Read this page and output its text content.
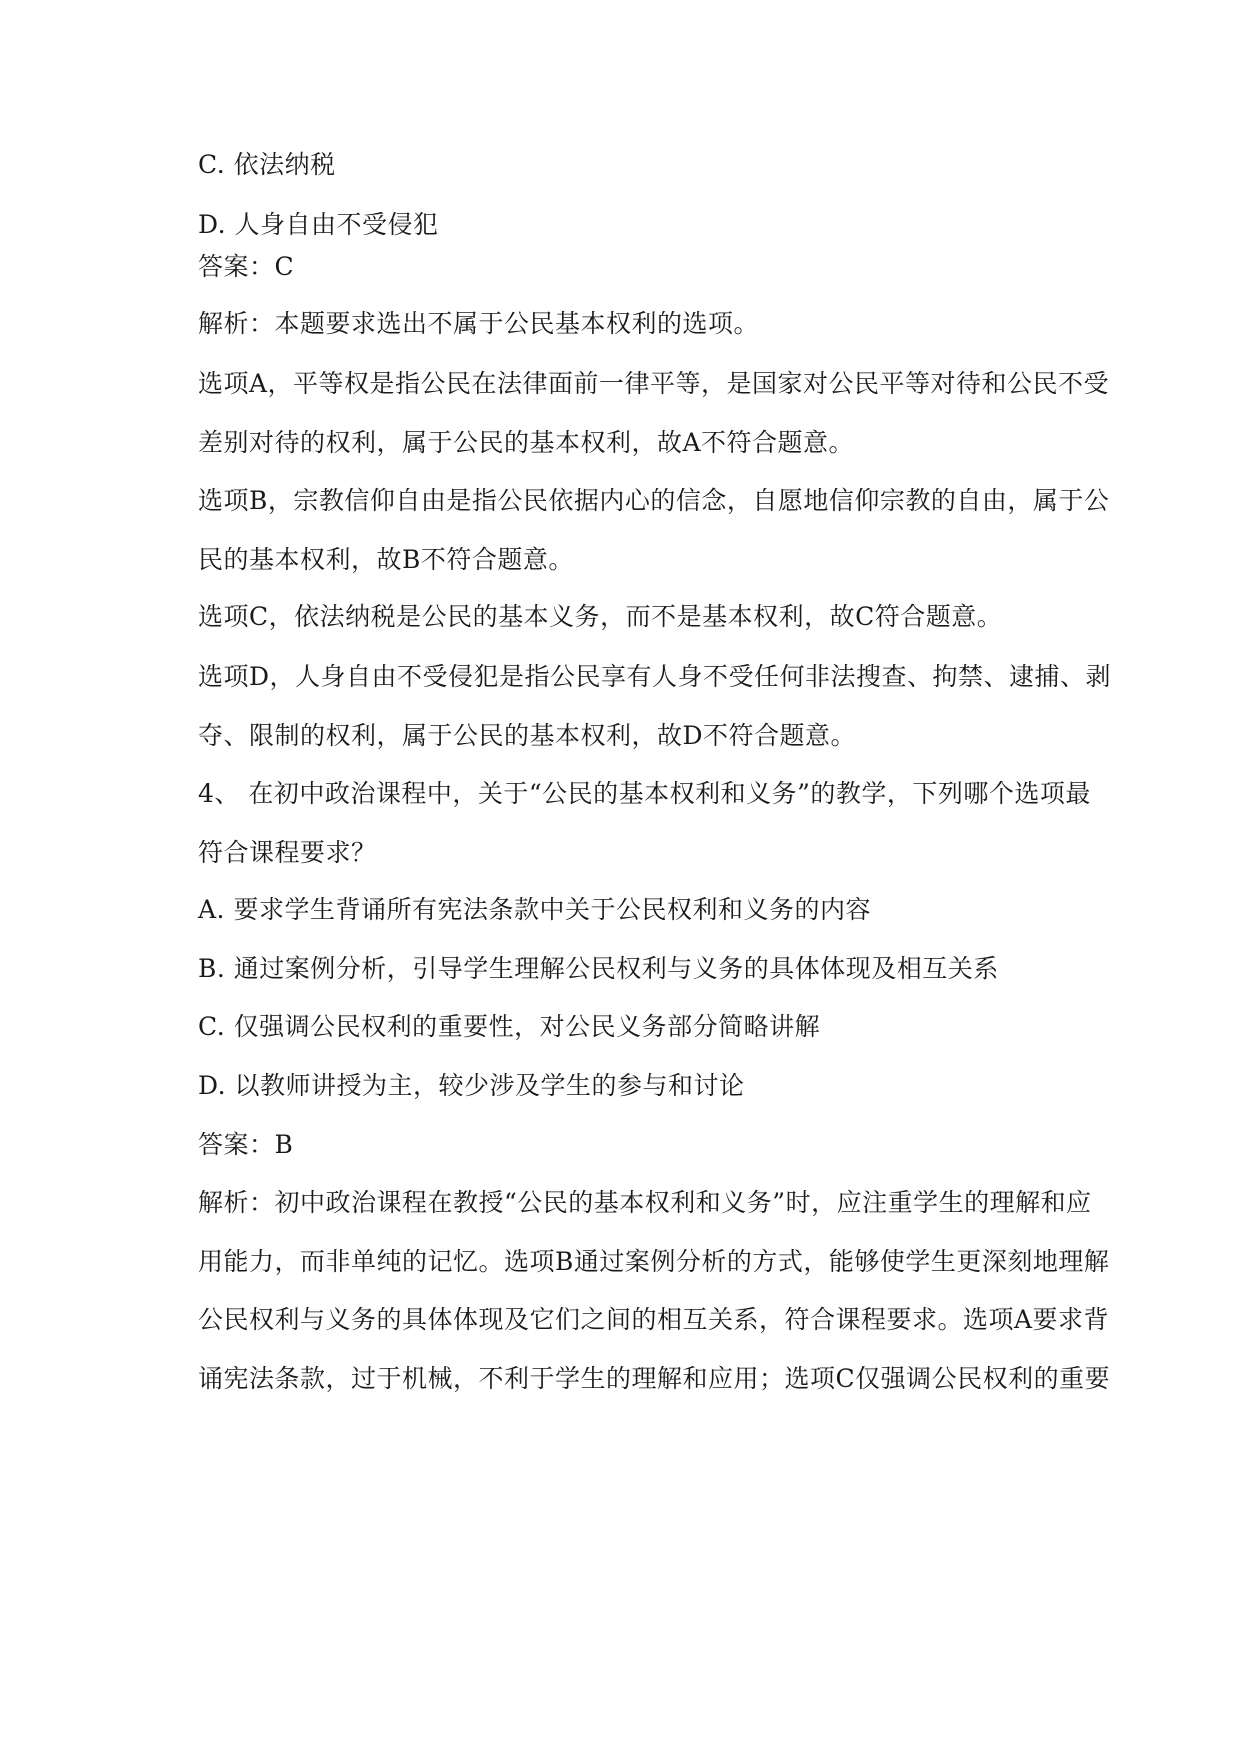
C. 依法纳税
D. 人身自由不受侵犯
答案：C
解析：本题要求选出不属于公民基本权利的选项。
选项A，平等权是指公民在法律面前一律平等，是国家对公民平等对待和公民不受
差别对待的权利，属于公民的基本权利，故A不符合题意。
选项B，宗教信仰自由是指公民依据内心的信念，自愿地信仰宗教的自由，属于公
民的基本权利，故B不符合题意。
选项C，依法纳税是公民的基本义务，而不是基本权利，故C符合题意。
选项D，人身自由不受侵犯是指公民享有人身不受任何非法搜查、拘禁、逮捕、剥
夺、限制的权利，属于公民的基本权利，故D不符合题意。
4、 在初中政治课程中，关于“公民的基本权利和义务”的教学，下列哪个选项最
符合课程要求？
A. 要求学生背诵所有宪法条款中关于公民权利和义务的内容
B. 通过案例分析，引导学生理解公民权利与义务的具体体现及相互关系
C. 仅强调公民权利的重要性，对公民义务部分简略讲解
D. 以教师讲授为主，较少涉及学生的参与和讨论
答案：B
解析：初中政治课程在教授“公民的基本权利和义务”时，应注重学生的理解和应
用能力，而非单纯的记忆。选项B通过案例分析的方式，能够使学生更深刻地理解
公民权利与义务的具体体现及它们之间的相互关系，符合课程要求。选项A要求背
诵宪法条款，过于机械，不利于学生的理解和应用；选项C仅强调公民权利的重要
